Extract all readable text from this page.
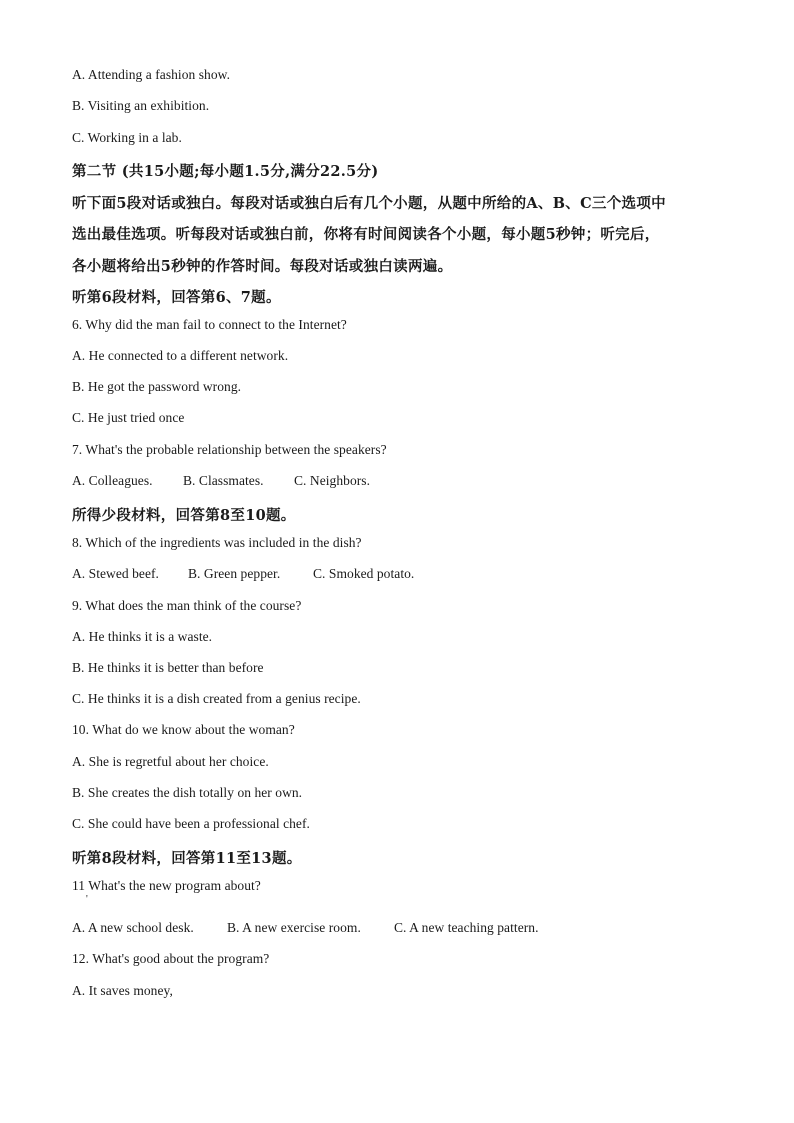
A. Attending a fashion show.
B. Visiting an exhibition.
C. Working in a lab.
第二节 (共15小题;每小题1.5分,满分22.5分)
听下面5段对话或独白。每段对话或独白后有几个小题，从题中所给的A、B、C三个选项中
选出最佳选项。听每段对话或独白前，你将有时间阅读各个小题，每小题5秒钟；听完后，
各小题将给出5秒钟的作答时间。每段对话或独白读两遍。
听第6段材料，回答第6、7题。
6. Why did the man fail to connect to the Internet?
A. He connected to a different network.
B. He got the password wrong.
C. He just tried once
7. What's the probable relationship between the speakers?
A. Colleagues. B. Classmates. C. Neighbors.
所得少段材料，回答第8至10题。
8. Which of the ingredients was included in the dish?
A. Stewed beef. B. Green pepper. C. Smoked potato.
9. What does the man think of the course?
A. He thinks it is a waste.
B. He thinks it is better than before
C. He thinks it is a dish created from a genius recipe.
10. What do we know about the woman?
A. She is regretful about her choice.
B. She creates the dish totally on her own.
C. She could have been a professional chef.
听第8段材料，回答第11至13题。
11 What's the new program about?
'
A. A new school desk. B. A new exercise room. C. A new teaching pattern.
12. What's good about the program?
A. It saves money,
